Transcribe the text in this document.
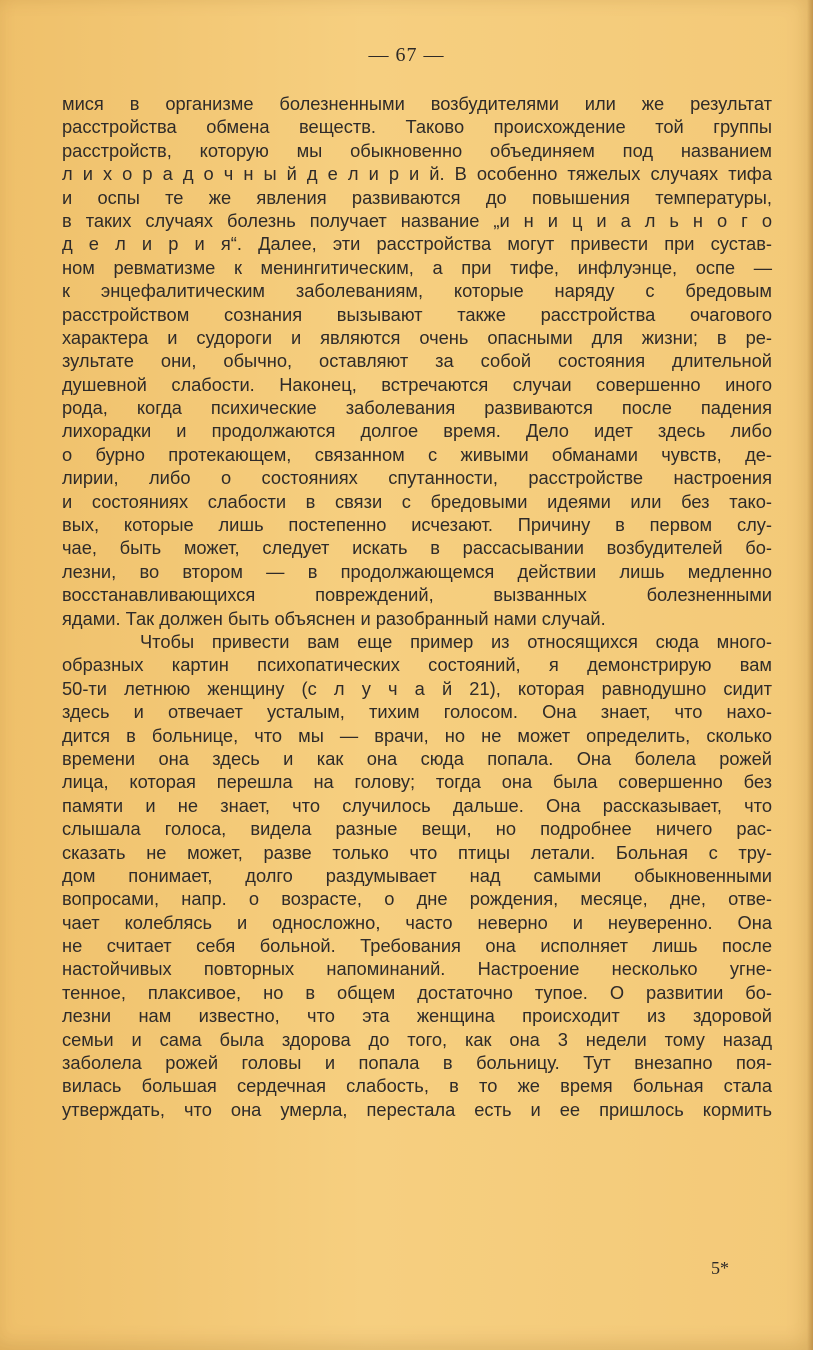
— 67 —
мися в организме болезненными возбудителями или же результат
расстройства обмена веществ. Таково происхождение той группы
расстройств, которую мы обыкновенно объединяем под названием
л и х о р а д о ч н ы й д е л и р и й. В особенно тяжелых случаях тифа
и оспы те же явления развиваются до повышения температуры,
в таких случаях болезнь получает название „и н и ц и а л ь н о г о
д е л и р и я“. Далее, эти расстройства могут привести при сустав-
ном ревматизме к менингитическим, а при тифе, инфлуэнце, оспе —
к энцефалитическим заболеваниям, которые наряду с бредовым
расстройством сознания вызывают также расстройства очагового
характера и судороги и являются очень опасными для жизни; в ре-
зультате они, обычно, оставляют за собой состояния длительной
душевной слабости. Наконец, встречаются случаи совершенно иного
рода, когда психические заболевания развиваются после падения
лихорадки и продолжаются долгое время. Дело идет здесь либо
о бурно протекающем, связанном с живыми обманами чувств, де-
лирии, либо о состояниях спутанности, расстройстве настроения
и состояниях слабости в связи с бредовыми идеями или без тако-
вых, которые лишь постепенно исчезают. Причину в первом слу-
чае, быть может, следует искать в рассасывании возбудителей бо-
лезни, во втором — в продолжающемся действии лишь медленно
восстанавливающихся повреждений, вызванных болезненными
ядами. Так должен быть объяснен и разобранный нами случай.
Чтобы привести вам еще пример из относящихся сюда много-
образных картин психопатических состояний, я демонстрирую вам
50-ти летнюю женщину (с л у ч а й 21), которая равнодушно сидит
здесь и отвечает усталым, тихим голосом. Она знает, что нахо-
дится в больнице, что мы — врачи, но не может определить, сколько
времени она здесь и как она сюда попала. Она болела рожей
лица, которая перешла на голову; тогда она была совершенно без
памяти и не знает, что случилось дальше. Она рассказывает, что
слышала голоса, видела разные вещи, но подробнее ничего рас-
сказать не может, разве только что птицы летали. Больная с тру-
дом понимает, долго раздумывает над самыми обыкновенными
вопросами, напр. о возрасте, о дне рождения, месяце, дне, отве-
чает колеблясь и односложно, часто неверно и неуверенно. Она
не считает себя больной. Требования она исполняет лишь после
настойчивых повторных напоминаний. Настроение несколько угне-
тенное, плаксивое, но в общем достаточно тупое. О развитии бо-
лезни нам известно, что эта женщина происходит из здоровой
семьи и сама была здорова до того, как она 3 недели тому назад
заболела рожей головы и попала в больницу. Тут внезапно поя-
вилась большая сердечная слабость, в то же время больная стала
утверждать, что она умерла, перестала есть и ее пришлось кормить
5*
